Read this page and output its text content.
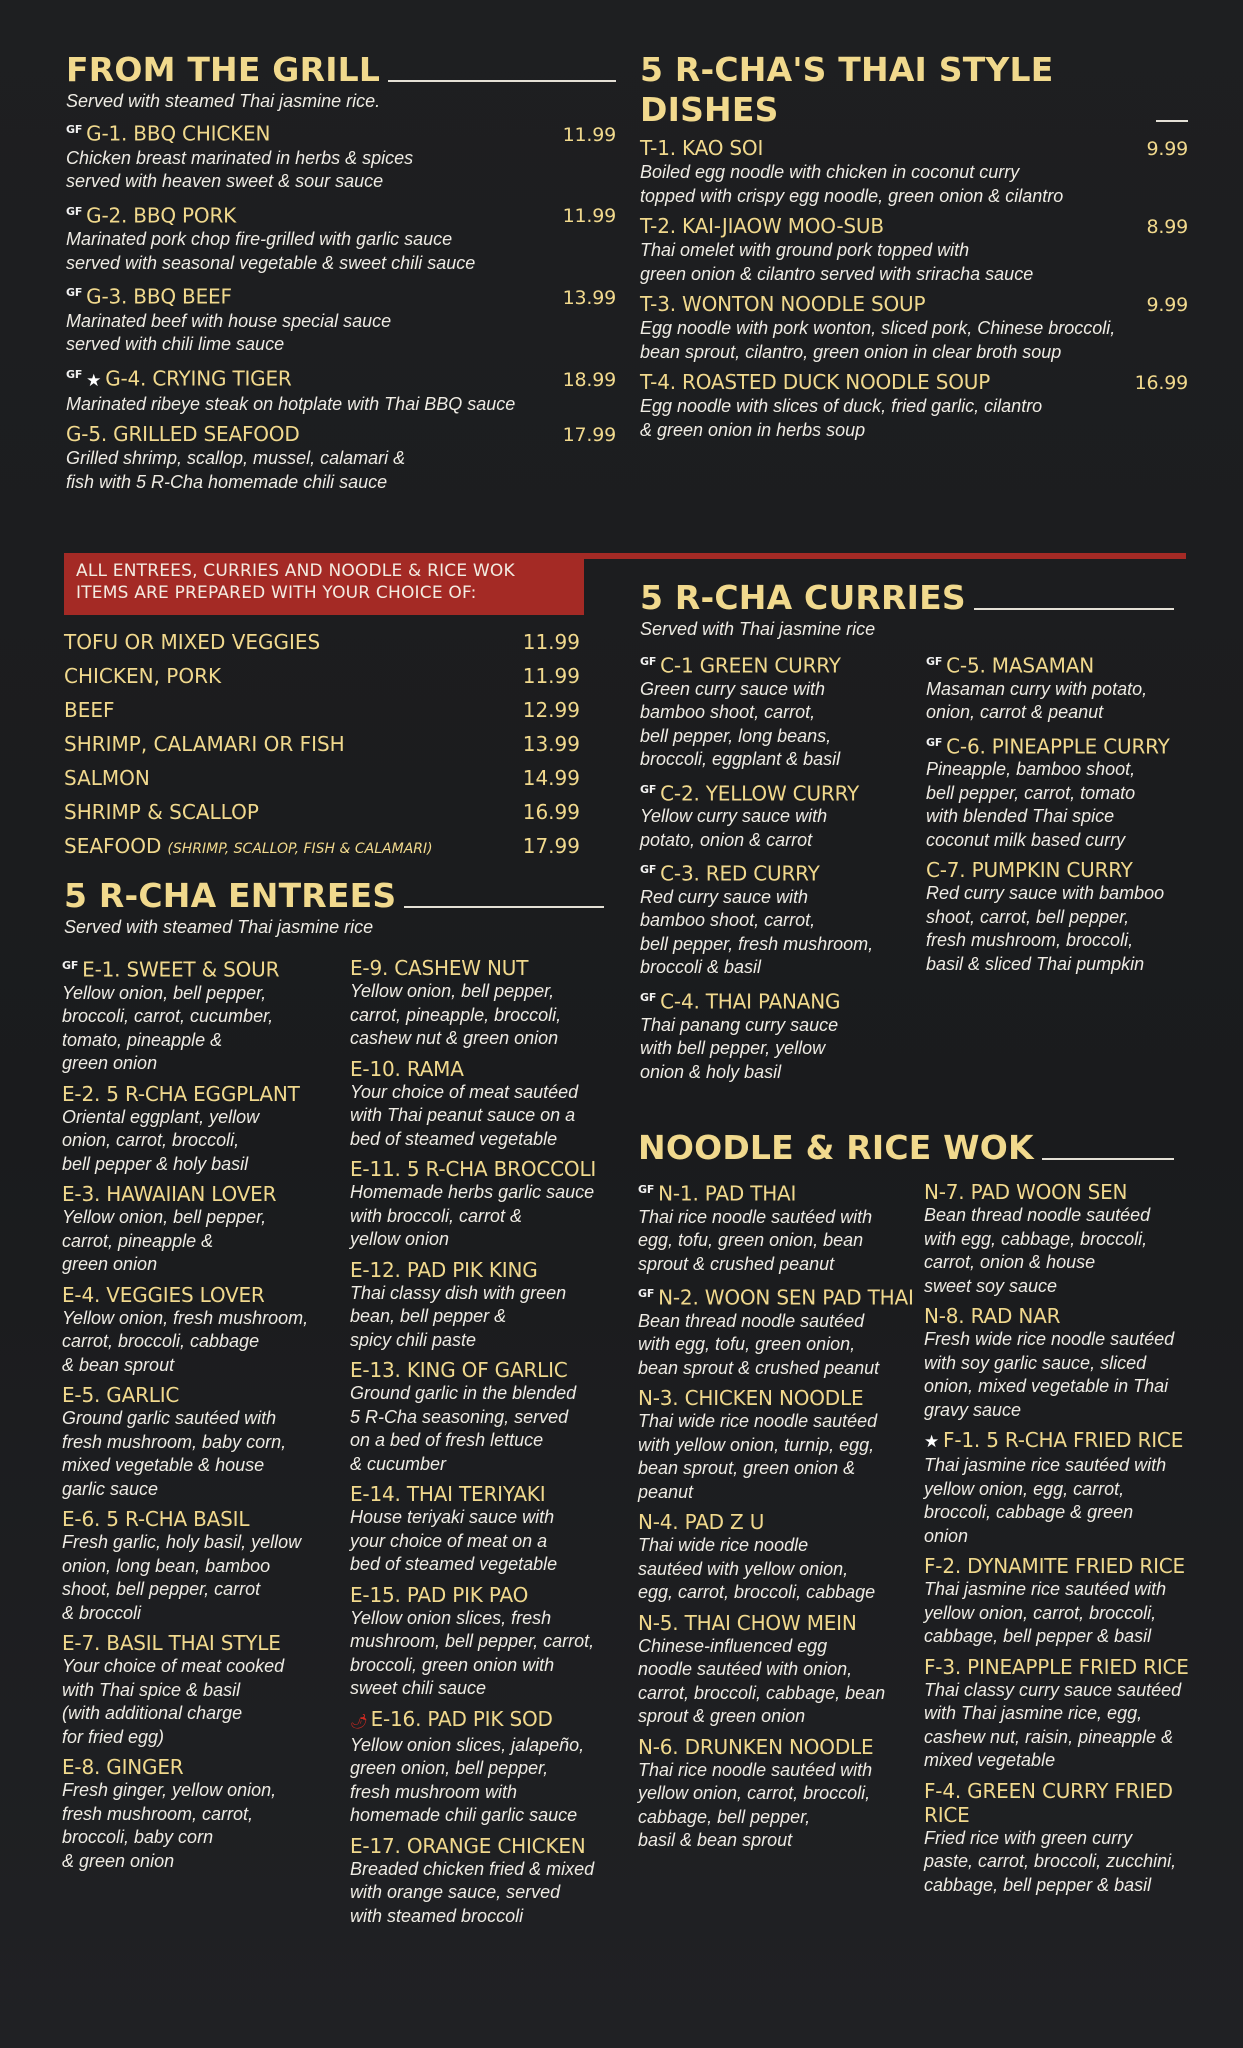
FROM THE GRILL
Served with steamed Thai jasmine rice.
$^{GF}$ G-1. BBQ CHICKEN	11.99
Chicken breast marinated in herbs & spices
served with heaven sweet & sour sauce
$^{GF}$ G-2. BBQ PORK	11.99
Marinated pork chop fire-grilled with garlic sauce
served with seasonal vegetable & sweet chili sauce
$^{GF}$ G-3. BBQ BEEF	13.99
Marinated beef with house special sauce
served with chili lime sauce
$^{GF}$ ★ G-4. CRYING TIGER	18.99
Marinated ribeye steak on hotplate with Thai BBQ sauce
G-5. GRILLED SEAFOOD	17.99
Grilled shrimp, scallop, mussel, calamari &
fish with 5 R-Cha homemade chili sauce
5 R-CHA'S THAI STYLE DISHES
T-1. KAO SOI	9.99
Boiled egg noodle with chicken in coconut curry
topped with crispy egg noodle, green onion & cilantro
T-2. KAI-JIAOW MOO-SUB	8.99
Thai omelet with ground pork topped with
green onion & cilantro served with sriracha sauce
T-3. WONTON NOODLE SOUP	9.99
Egg noodle with pork wonton, sliced pork, Chinese broccoli,
bean sprout, cilantro, green onion in clear broth soup
T-4. ROASTED DUCK NOODLE SOUP	16.99
Egg noodle with slices of duck, fried garlic, cilantro
& green onion in herbs soup
ALL ENTREES, CURRIES AND NOODLE & RICE WOK
ITEMS ARE PREPARED WITH YOUR CHOICE OF:
TOFU OR MIXED VEGGIES	11.99
CHICKEN, PORK	11.99
BEEF	12.99
SHRIMP, CALAMARI OR FISH	13.99
SALMON	14.99
SHRIMP & SCALLOP	16.99
SEAFOOD (SHRIMP, SCALLOP, FISH & CALAMARI)	17.99
5 R-CHA ENTREES
Served with steamed Thai jasmine rice
$^{GF}$ E-1. SWEET & SOUR
Yellow onion, bell pepper,
broccoli, carrot, cucumber,
tomato, pineapple &
green onion
E-2. 5 R-CHA EGGPLANT
Oriental eggplant, yellow
onion, carrot, broccoli,
bell pepper & holy basil
E-3. HAWAIIAN LOVER
Yellow onion, bell pepper,
carrot, pineapple &
green onion
E-4. VEGGIES LOVER
Yellow onion, fresh mushroom,
carrot, broccoli, cabbage
& bean sprout
E-5. GARLIC
Ground garlic sautéed with
fresh mushroom, baby corn,
mixed vegetable & house
garlic sauce
E-6. 5 R-CHA BASIL
Fresh garlic, holy basil, yellow
onion, long bean, bamboo
shoot, bell pepper, carrot
& broccoli
E-7. BASIL THAI STYLE
Your choice of meat cooked
with Thai spice & basil
(with additional charge
for fried egg)
E-8. GINGER
Fresh ginger, yellow onion,
fresh mushroom, carrot,
broccoli, baby corn
& green onion
E-9. CASHEW NUT
Yellow onion, bell pepper,
carrot, pineapple, broccoli,
cashew nut & green onion
E-10. RAMA
Your choice of meat sautéed
with Thai peanut sauce on a
bed of steamed vegetable
E-11. 5 R-CHA BROCCOLI
Homemade herbs garlic sauce
with broccoli, carrot &
yellow onion
E-12. PAD PIK KING
Thai classy dish with green
bean, bell pepper &
spicy chili paste
E-13. KING OF GARLIC
Ground garlic in the blended
5 R-Cha seasoning, served
on a bed of fresh lettuce
& cucumber
E-14. THAI TERIYAKI
House teriyaki sauce with
your choice of meat on a
bed of steamed vegetable
E-15. PAD PIK PAO
Yellow onion slices, fresh
mushroom, bell pepper, carrot,
broccoli, green onion with
sweet chili sauce
🌶 E-16. PAD PIK SOD
Yellow onion slices, jalapeño,
green onion, bell pepper,
fresh mushroom with
homemade chili garlic sauce
E-17. ORANGE CHICKEN
Breaded chicken fried & mixed
with orange sauce, served
with steamed broccoli
5 R-CHA CURRIES
Served with Thai jasmine rice
$^{GF}$ C-1 GREEN CURRY
Green curry sauce with
bamboo shoot, carrot,
bell pepper, long beans,
broccoli, eggplant & basil
$^{GF}$ C-2. YELLOW CURRY
Yellow curry sauce with
potato, onion & carrot
$^{GF}$ C-3. RED CURRY
Red curry sauce with
bamboo shoot, carrot,
bell pepper, fresh mushroom,
broccoli & basil
$^{GF}$ C-4. THAI PANANG
Thai panang curry sauce
with bell pepper, yellow
onion & holy basil
$^{GF}$ C-5. MASAMAN
Masaman curry with potato,
onion, carrot & peanut
$^{GF}$ C-6. PINEAPPLE CURRY
Pineapple, bamboo shoot,
bell pepper, carrot, tomato
with blended Thai spice
coconut milk based curry
C-7. PUMPKIN CURRY
Red curry sauce with bamboo
shoot, carrot, bell pepper,
fresh mushroom, broccoli,
basil & sliced Thai pumpkin
NOODLE & RICE WOK
$^{GF}$ N-1. PAD THAI
Thai rice noodle sautéed with
egg, tofu, green onion, bean
sprout & crushed peanut
$^{GF}$ N-2. WOON SEN PAD THAI
Bean thread noodle sautéed
with egg, tofu, green onion,
bean sprout & crushed peanut
N-3. CHICKEN NOODLE
Thai wide rice noodle sautéed
with yellow onion, turnip, egg,
bean sprout, green onion &
peanut
N-4. PAD Z U
Thai wide rice noodle
sautéed with yellow onion,
egg, carrot, broccoli, cabbage
N-5. THAI CHOW MEIN
Chinese-influenced egg
noodle sautéed with onion,
carrot, broccoli, cabbage, bean
sprout & green onion
N-6. DRUNKEN NOODLE
Thai rice noodle sautéed with
yellow onion, carrot, broccoli,
cabbage, bell pepper,
basil & bean sprout
N-7. PAD WOON SEN
Bean thread noodle sautéed
with egg, cabbage, broccoli,
carrot, onion & house
sweet soy sauce
N-8. RAD NAR
Fresh wide rice noodle sautéed
with soy garlic sauce, sliced
onion, mixed vegetable in Thai
gravy sauce
★ F-1. 5 R-CHA FRIED RICE
Thai jasmine rice sautéed with
yellow onion, egg, carrot,
broccoli, cabbage & green
onion
F-2. DYNAMITE FRIED RICE
Thai jasmine rice sautéed with
yellow onion, carrot, broccoli,
cabbage, bell pepper & basil
F-3. PINEAPPLE FRIED RICE
Thai classy curry sauce sautéed
with Thai jasmine rice, egg,
cashew nut, raisin, pineapple &
mixed vegetable
F-4. GREEN CURRY FRIED RICE
Fried rice with green curry
paste, carrot, broccoli, zucchini,
cabbage, bell pepper & basil
